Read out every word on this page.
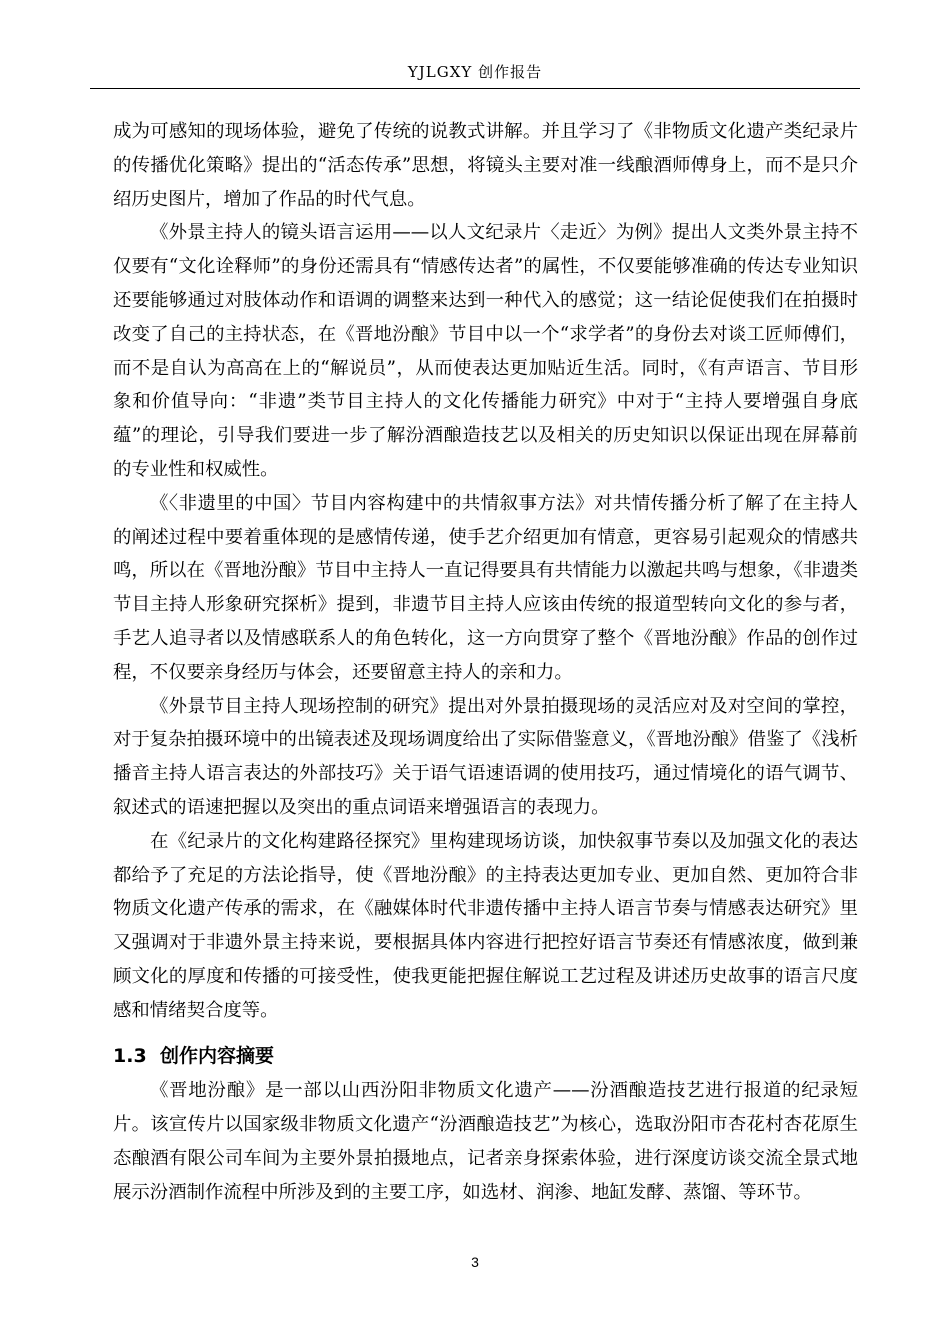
YJLGXY 创作报告

成为可感知的现场体验，避免了传统的说教式讲解。并且学习了《非物质文化遗产类纪录片的传播优化策略》提出的“活态传承”思想，将镜头主要对准一线酿酒师傅身上，而不是只介绍历史图片，增加了作品的时代气息。

《外景主持人的镜头语言运用——以人文纪录片〈走近〉为例》提出人文类外景主持不仅要有“文化诠释师”的身份还需具有“情感传达者”的属性，不仅要能够准确的传达专业知识还要能够通过对肢体动作和语调的调整来达到一种代入的感觉；这一结论促使我们在拍摄时改变了自己的主持状态，在《晋地汾酿》节目中以一个“求学者”的身份去对谈工匠师傅们，而不是自认为高高在上的“解说员”，从而使表达更加贴近生活。同时，《有声语言、节目形象和价值导向：“非遗”类节目主持人的文化传播能力研究》中对于“主持人要增强自身底蕴”的理论，引导我们要进一步了解汾酒酿造技艺以及相关的历史知识以保证出现在屏幕前的专业性和权威性。

《〈非遗里的中国〉节目内容构建中的共情叙事方法》对共情传播分析了解了在主持人的阐述过程中要着重体现的是感情传递，使手艺介绍更加有情意，更容易引起观众的情感共鸣，所以在《晋地汾酿》节目中主持人一直记得要具有共情能力以激起共鸣与想象，《非遗类节目主持人形象研究探析》提到，非遗节目主持人应该由传统的报道型转向文化的参与者，手艺人追寻者以及情感联系人的角色转化，这一方向贯穿了整个《晋地汾酿》作品的创作过程，不仅要亲身经历与体会，还要留意主持人的亲和力。

《外景节目主持人现场控制的研究》提出对外景拍摄现场的灵活应对及对空间的掌控，对于复杂拍摄环境中的出镜表述及现场调度给出了实际借鉴意义，《晋地汾酿》借鉴了《浅析播音主持人语言表达的外部技巧》关于语气语速语调的使用技巧，通过情境化的语气调节、叙述式的语速把握以及突出的重点词语来增强语言的表现力。

在《纪录片的文化构建路径探究》里构建现场访谈，加快叙事节奏以及加强文化的表达都给予了充足的方法论指导，使《晋地汾酿》的主持表达更加专业、更加自然、更加符合非物质文化遗产传承的需求，在《融媒体时代非遗传播中主持人语言节奏与情感表达研究》里又强调对于非遗外景主持来说，要根据具体内容进行把控好语言节奏还有情感浓度，做到兼顾文化的厚度和传播的可接受性，使我更能把握住解说工艺过程及讲述历史故事的语言尺度感和情绪契合度等。

1.3 创作内容摘要

《晋地汾酿》是一部以山西汾阳非物质文化遗产——汾酒酿造技艺进行报道的纪录短片。该宣传片以国家级非物质文化遗产“汾酒酿造技艺”为核心，选取汾阳市杏花村杏花原生态酿酒有限公司车间为主要外景拍摄地点，记者亲身探索体验，进行深度访谈交流全景式地展示汾酒制作流程中所涉及到的主要工序，如选材、润渗、地缸发酵、蒸馏、等环节。

3
